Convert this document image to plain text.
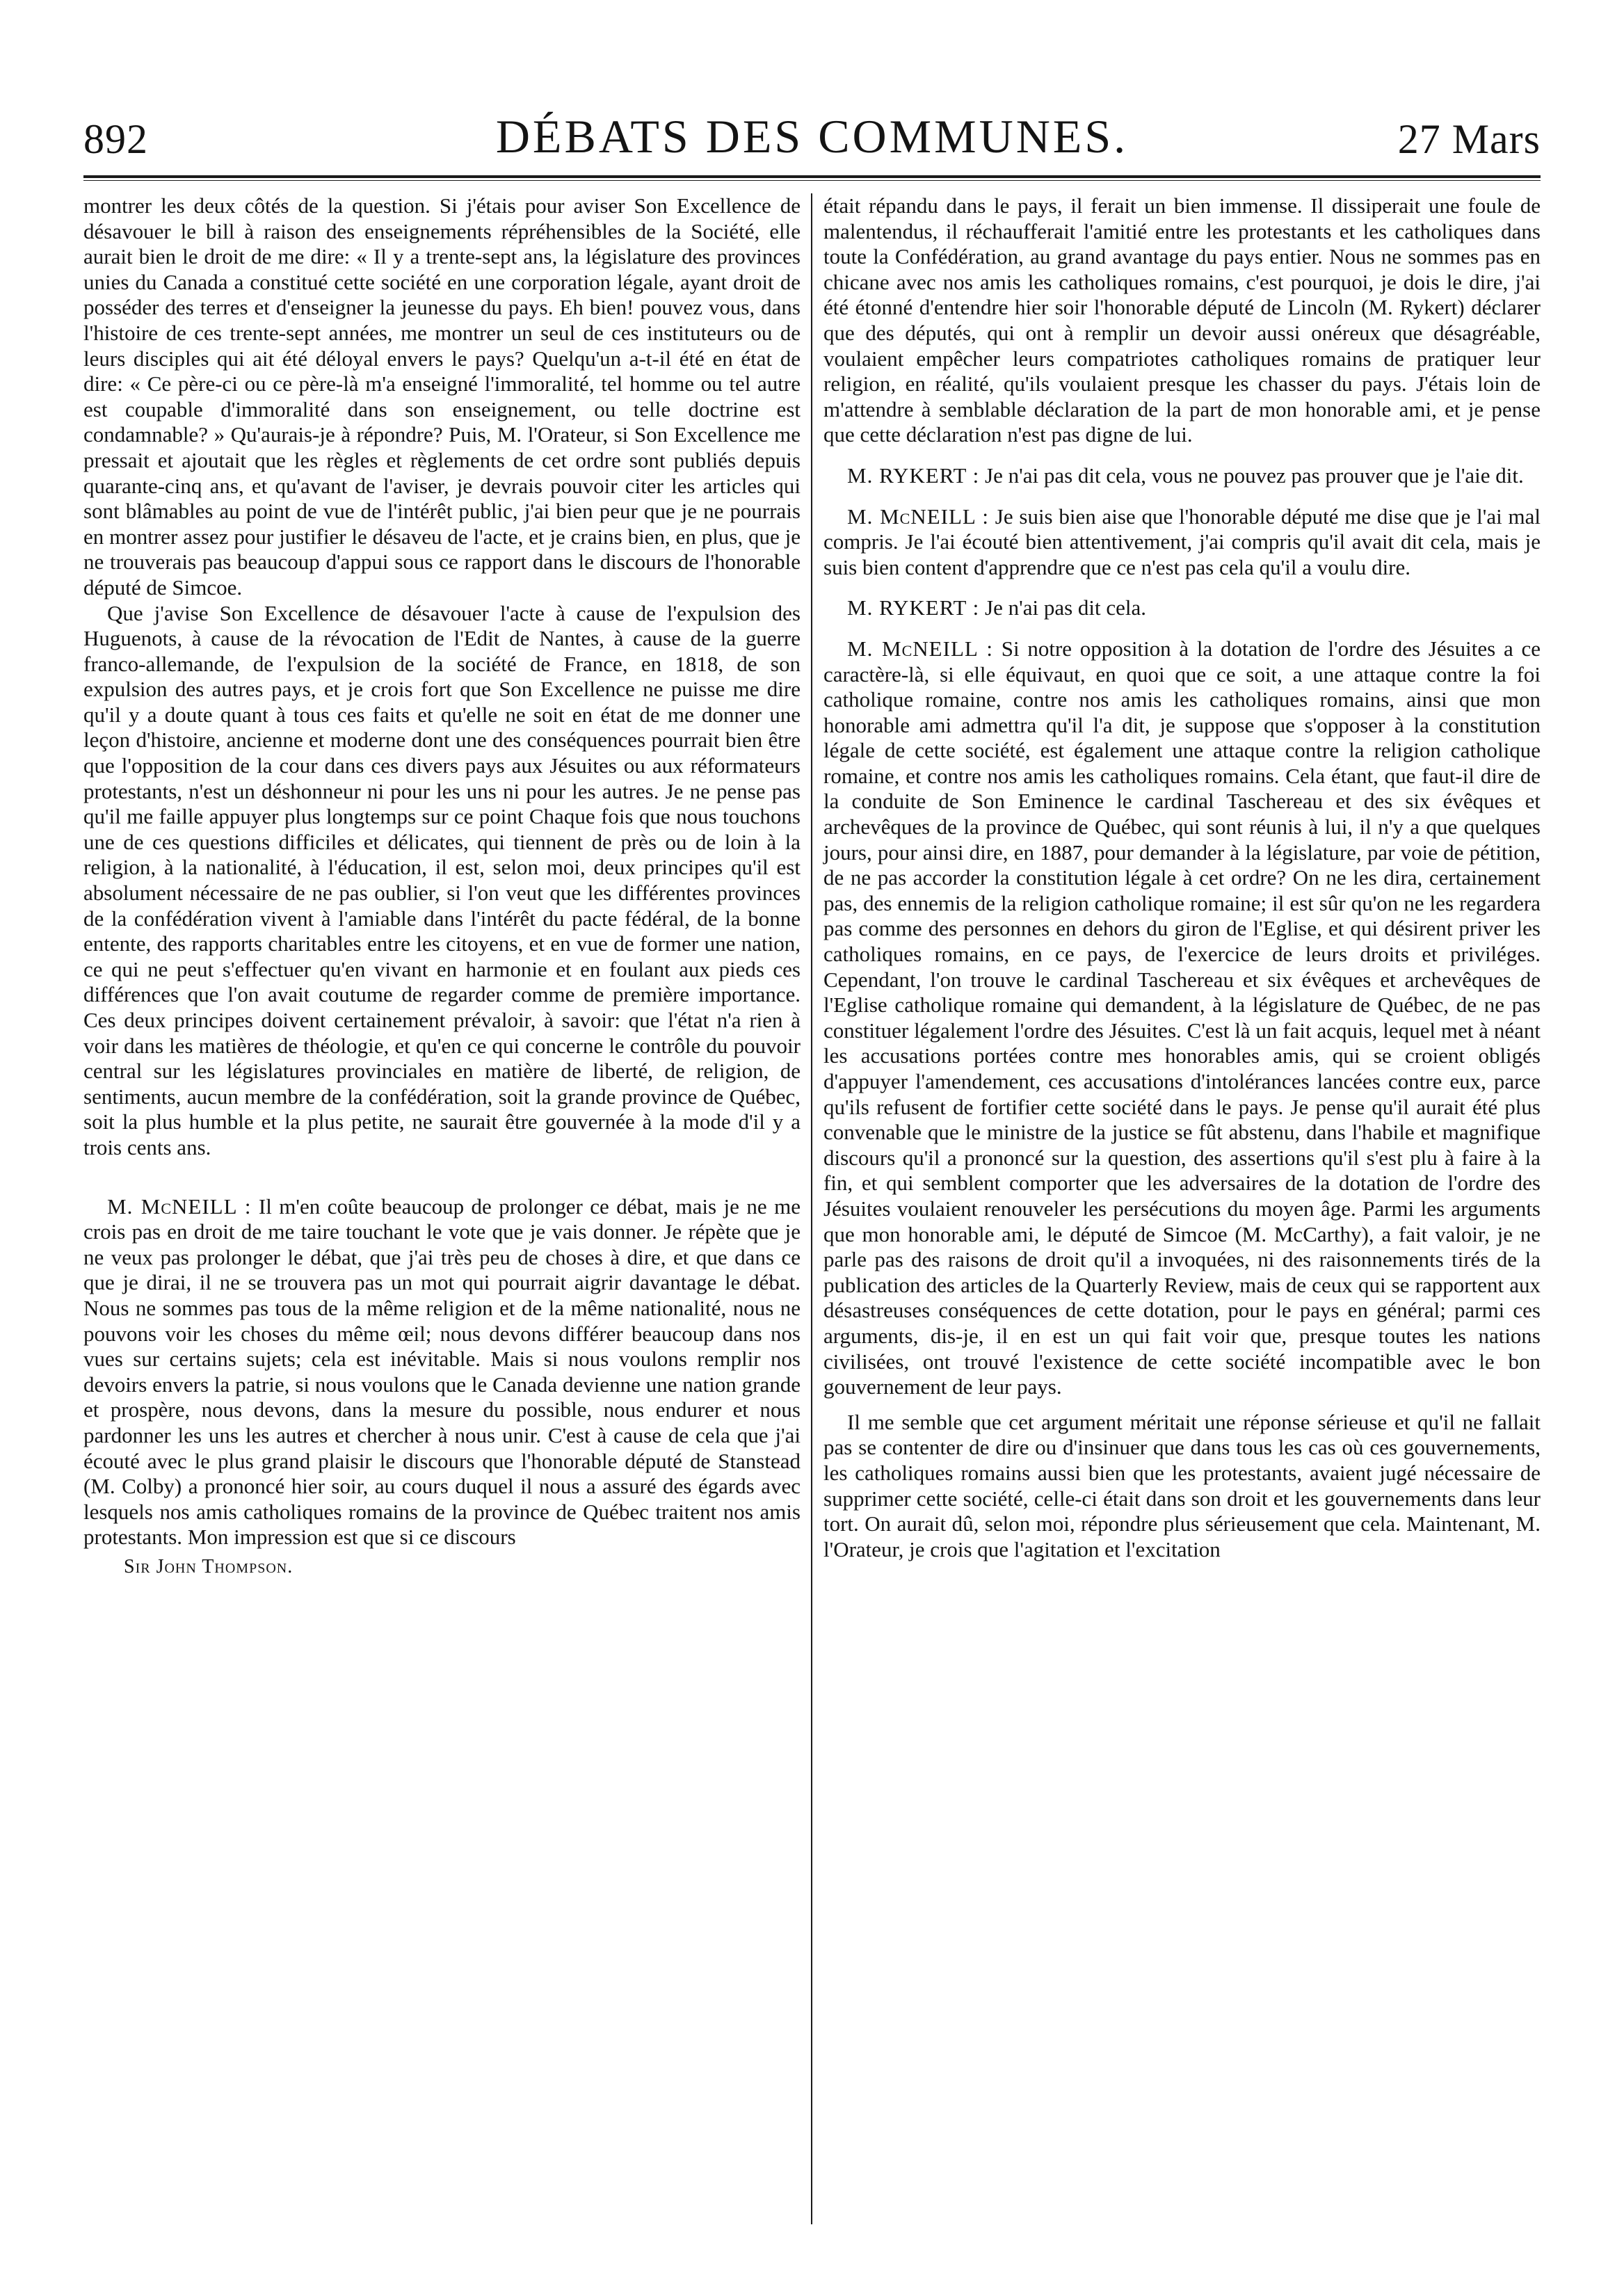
892	DÉBATS DES COMMUNES.	27 Mars

montrer les deux côtés de la question. Si j'étais pour aviser Son Excellence de désavouer le bill à raison des enseignements répréhensibles de la Société, elle aurait bien le droit de me dire: « Il y a trente-sept ans, la législature des provinces unies du Canada a constitué cette société en une corporation légale, ayant droit de posséder des terres et d'enseigner la jeunesse du pays. Eh bien! pouvez vous, dans l'histoire de ces trente-sept années, me montrer un seul de ces instituteurs ou de leurs disciples qui ait été déloyal envers le pays? Quelqu'un a-t-il été en état de dire: « Ce père-ci ou ce père-là m'a enseigné l'immoralité, tel homme ou tel autre est coupable d'immoralité dans son enseignement, ou telle doctrine est condamnable? » Qu'aurais-je à répondre? Puis, M. l'Orateur, si Son Excellence me pressait et ajoutait que les règles et règlements de cet ordre sont publiés depuis quarante-cinq ans, et qu'avant de l'aviser, je devrais pouvoir citer les articles qui sont blâmables au point de vue de l'intérêt public, j'ai bien peur que je ne pourrais en montrer assez pour justifier le désaveu de l'acte, et je crains bien, en plus, que je ne trouverais pas beaucoup d'appui sous ce rapport dans le discours de l'honorable député de Simcoe.

Que j'avise Son Excellence de désavouer l'acte à cause de l'expulsion des Huguenots, à cause de la révocation de l'Edit de Nantes, à cause de la guerre franco-allemande, de l'expulsion de la société de France, en 1818, de son expulsion des autres pays, et je crois fort que Son Excellence ne puisse me dire qu'il y a doute quant à tous ces faits et qu'elle ne soit en état de me donner une leçon d'histoire, ancienne et moderne dont une des conséquences pourrait bien être que l'opposition de la cour dans ces divers pays aux Jésuites ou aux réformateurs protestants, n'est un déshonneur ni pour les uns ni pour les autres. Je ne pense pas qu'il me faille appuyer plus longtemps sur ce point Chaque fois que nous touchons une de ces questions difficiles et délicates, qui tiennent de près ou de loin à la religion, à la nationalité, à l'éducation, il est, selon moi, deux principes qu'il est absolument nécessaire de ne pas oublier, si l'on veut que les différentes provinces de la confédération vivent à l'amiable dans l'intérêt du pacte fédéral, de la bonne entente, des rapports charitables entre les citoyens, et en vue de former une nation, ce qui ne peut s'effectuer qu'en vivant en harmonie et en foulant aux pieds ces différences que l'on avait coutume de regarder comme de première importance. Ces deux principes doivent certainement prévaloir, à savoir: que l'état n'a rien à voir dans les matières de théologie, et qu'en ce qui concerne le contrôle du pouvoir central sur les législatures provinciales en matière de liberté, de religion, de sentiments, aucun membre de la confédération, soit la grande province de Québec, soit la plus humble et la plus petite, ne saurait être gouvernée à la mode d'il y a trois cents ans.

M. McNEILL : Il m'en coûte beaucoup de prolonger ce débat, mais je ne me crois pas en droit de me taire touchant le vote que je vais donner. Je répète que je ne veux pas prolonger le débat, que j'ai très peu de choses à dire, et que dans ce que je dirai, il ne se trouvera pas un mot qui pourrait aigrir davantage le débat. Nous ne sommes pas tous de la même religion et de la même nationalité, nous ne pouvons voir les choses du même œil; nous devons différer beaucoup dans nos vues sur certains sujets; cela est inévitable. Mais si nous voulons remplir nos devoirs envers la patrie, si nous voulons que le Canada devienne une nation grande et prospère, nous devons, dans la mesure du possible, nous endurer et nous pardonner les uns les autres et chercher à nous unir. C'est à cause de cela que j'ai écouté avec le plus grand plaisir le discours que l'honorable député de Stanstead (M. Colby) a prononcé hier soir, au cours duquel il nous a assuré des égards avec lesquels nos amis catholiques romains de la province de Québec traitent nos amis protestants. Mon impression est que si ce discours

Sir John Thompson.

était répandu dans le pays, il ferait un bien immense. Il dissiperait une foule de malentendus, il réchaufferait l'amitié entre les protestants et les catholiques dans toute la Confédération, au grand avantage du pays entier. Nous ne sommes pas en chicane avec nos amis les catholiques romains, c'est pourquoi, je dois le dire, j'ai été étonné d'entendre hier soir l'honorable député de Lincoln (M. Rykert) déclarer que des députés, qui ont à remplir un devoir aussi onéreux que désagréable, voulaient empêcher leurs compatriotes catholiques romains de pratiquer leur religion, en réalité, qu'ils voulaient presque les chasser du pays. J'étais loin de m'attendre à semblable déclaration de la part de mon honorable ami, et je pense que cette déclaration n'est pas digne de lui.

M. RYKERT : Je n'ai pas dit cela, vous ne pouvez pas prouver que je l'aie dit.

M. McNEILL : Je suis bien aise que l'honorable député me dise que je l'ai mal compris. Je l'ai écouté bien attentivement, j'ai compris qu'il avait dit cela, mais je suis bien content d'apprendre que ce n'est pas cela qu'il a voulu dire.

M. RYKERT : Je n'ai pas dit cela.

M. McNEILL : Si notre opposition à la dotation de l'ordre des Jésuites a ce caractère-là, si elle équivaut, en quoi que ce soit, a une attaque contre la foi catholique romaine, contre nos amis les catholiques romains, ainsi que mon honorable ami admettra qu'il l'a dit, je suppose que s'opposer à la constitution légale de cette société, est également une attaque contre la religion catholique romaine, et contre nos amis les catholiques romains. Cela étant, que faut-il dire de la conduite de Son Eminence le cardinal Taschereau et des six évêques et archevêques de la province de Québec, qui sont réunis à lui, il n'y a que quelques jours, pour ainsi dire, en 1887, pour demander à la législature, par voie de pétition, de ne pas accorder la constitution légale à cet ordre? On ne les dira, certainement pas, des ennemis de la religion catholique romaine; il est sûr qu'on ne les regardera pas comme des personnes en dehors du giron de l'Eglise, et qui désirent priver les catholiques romains, en ce pays, de l'exercice de leurs droits et priviléges. Cependant, l'on trouve le cardinal Taschereau et six évêques et archevêques de l'Eglise catholique romaine qui demandent, à la législature de Québec, de ne pas constituer légalement l'ordre des Jésuites. C'est là un fait acquis, lequel met à néant les accusations portées contre mes honorables amis, qui se croient obligés d'appuyer l'amendement, ces accusations d'intolérances lancées contre eux, parce qu'ils refusent de fortifier cette société dans le pays. Je pense qu'il aurait été plus convenable que le ministre de la justice se fût abstenu, dans l'habile et magnifique discours qu'il a prononcé sur la question, des assertions qu'il s'est plu à faire à la fin, et qui semblent comporter que les adversaires de la dotation de l'ordre des Jésuites voulaient renouveler les persécutions du moyen âge. Parmi les arguments que mon honorable ami, le député de Simcoe (M. McCarthy), a fait valoir, je ne parle pas des raisons de droit qu'il a invoquées, ni des raisonnements tirés de la publication des articles de la Quarterly Review, mais de ceux qui se rapportent aux désastreuses conséquences de cette dotation, pour le pays en général; parmi ces arguments, dis-je, il en est un qui fait voir que, presque toutes les nations civilisées, ont trouvé l'existence de cette société incompatible avec le bon gouvernement de leur pays.

Il me semble que cet argument méritait une réponse sérieuse et qu'il ne fallait pas se contenter de dire ou d'insinuer que dans tous les cas où ces gouvernements, les catholiques romains aussi bien que les protestants, avaient jugé nécessaire de supprimer cette société, celle-ci était dans son droit et les gouvernements dans leur tort. On aurait dû, selon moi, répondre plus sérieusement que cela. Maintenant, M. l'Orateur, je crois que l'agitation et l'excitation
